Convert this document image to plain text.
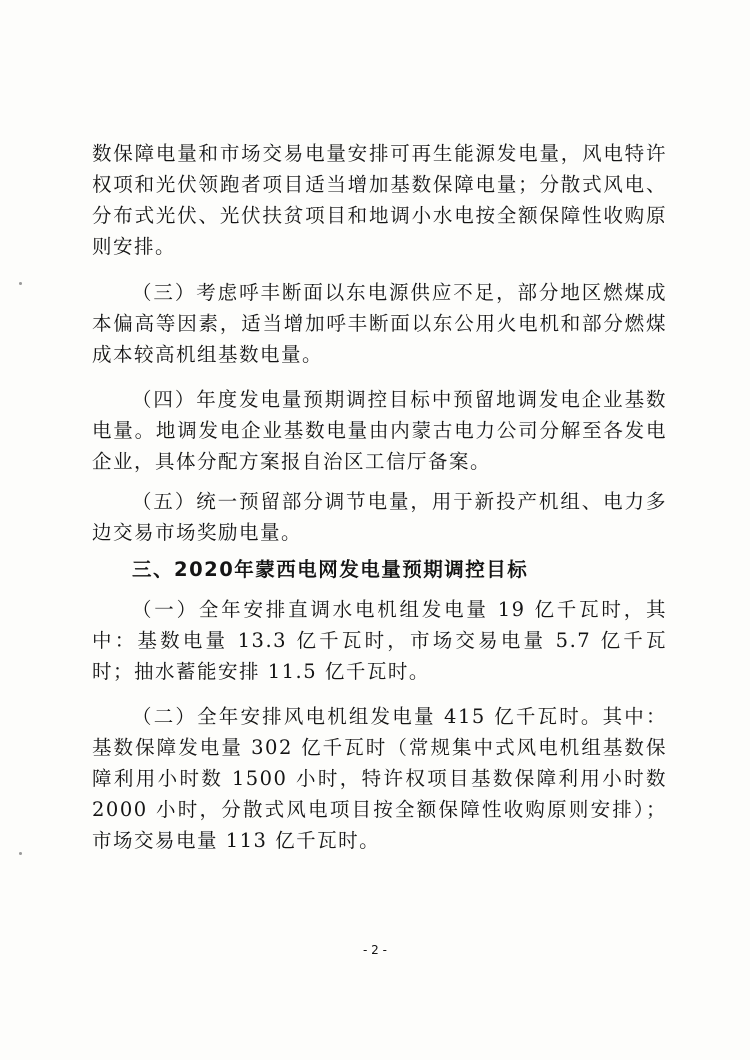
数保障电量和市场交易电量安排可再生能源发电量，风电特许权项和光伏领跑者项目适当增加基数保障电量；分散式风电、分布式光伏、光伏扶贫项目和地调小水电按全额保障性收购原则安排。

（三）考虑呼丰断面以东电源供应不足，部分地区燃煤成本偏高等因素，适当增加呼丰断面以东公用火电机和部分燃煤成本较高机组基数电量。

（四）年度发电量预期调控目标中预留地调发电企业基数电量。地调发电企业基数电量由内蒙古电力公司分解至各发电企业，具体分配方案报自治区工信厅备案。

（五）统一预留部分调节电量，用于新投产机组、电力多边交易市场奖励电量。

三、2020年蒙西电网发电量预期调控目标

（一）全年安排直调水电机组发电量 19 亿千瓦时，其中：基数电量 13.3 亿千瓦时，市场交易电量 5.7 亿千瓦时；抽水蓄能安排 11.5 亿千瓦时。

（二）全年安排风电机组发电量 415 亿千瓦时。其中：基数保障发电量 302 亿千瓦时（常规集中式风电机组基数保障利用小时数 1500 小时，特许权项目基数保障利用小时数 2000 小时，分散式风电项目按全额保障性收购原则安排）；市场交易电量 113 亿千瓦时。

- 2 -
